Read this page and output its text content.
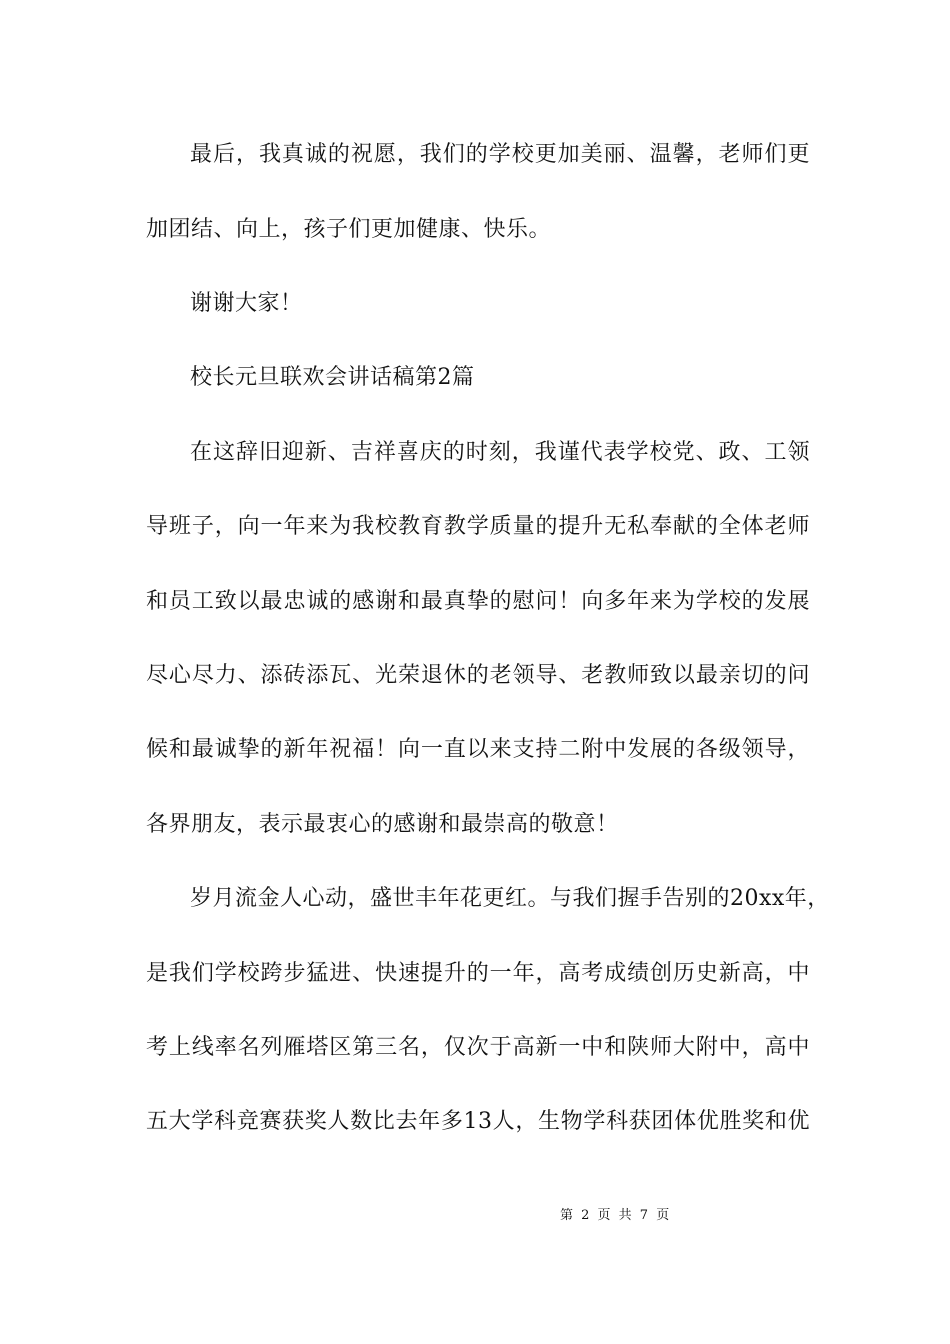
最后，我真诚的祝愿，我们的学校更加美丽、温馨，老师们更
加团结、向上，孩子们更加健康、快乐。
谢谢大家！
校长元旦联欢会讲话稿第2篇
在这辞旧迎新、吉祥喜庆的时刻，我谨代表学校党、政、工领
导班子，向一年来为我校教育教学质量的提升无私奉献的全体老师
和员工致以最忠诚的感谢和最真挚的慰问！向多年来为学校的发展
尽心尽力、添砖添瓦、光荣退休的老领导、老教师致以最亲切的问
候和最诚挚的新年祝福！向一直以来支持二附中发展的各级领导，
各界朋友，表示最衷心的感谢和最崇高的敬意！
岁月流金人心动，盛世丰年花更红。与我们握手告别的20xx年，
是我们学校跨步猛进、快速提升的一年，高考成绩创历史新高，中
考上线率名列雁塔区第三名，仅次于高新一中和陕师大附中，高中
五大学科竞赛获奖人数比去年多13人，生物学科获团体优胜奖和优
第 2 页 共 7 页
